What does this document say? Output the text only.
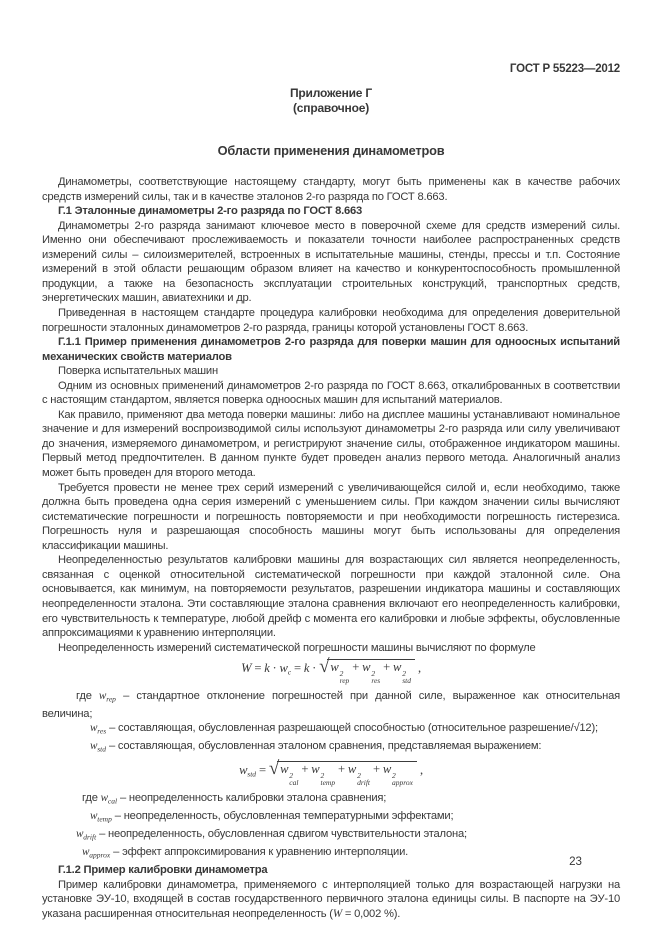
ГОСТ Р 55223—2012
Приложение Г
(справочное)
Области применения динамометров
Динамометры, соответствующие настоящему стандарту, могут быть применены как в качестве рабочих средств измерений силы, так и в качестве эталонов 2-го разряда по ГОСТ 8.663.
Г.1 Эталонные динамометры 2-го разряда по ГОСТ 8.663
Динамометры 2-го разряда занимают ключевое место в поверочной схеме для средств измерений силы. Именно они обеспечивают прослеживаемость и показатели точности наиболее распространенных средств измерений силы – силоизмерителей, встроенных в испытательные машины, стенды, прессы и т.п. Состояние измерений в этой области решающим образом влияет на качество и конкурентоспособность промышленной продукции, а также на безопасность эксплуатации строительных конструкций, транспортных средств, энергетических машин, авиатехники и др.
Приведенная в настоящем стандарте процедура калибровки необходима для определения доверительной погрешности эталонных динамометров 2-го разряда, границы которой установлены ГОСТ 8.663.
Г.1.1 Пример применения динамометров 2-го разряда для поверки машин для одноосных испытаний механических свойств материалов
Поверка испытательных машин
Одним из основных применений динамометров 2-го разряда по ГОСТ 8.663, откалиброванных в соответствии с настоящим стандартом, является поверка одноосных машин для испытаний материалов.
Как правило, применяют два метода поверки машины: либо на дисплее машины устанавливают номинальное значение и для измерений воспроизводимой силы используют динамометры 2-го разряда или силу увеличивают до значения, измеряемого динамометром, и регистрируют значение силы, отображенное индикатором машины. Первый метод предпочтителен. В данном пункте будет проведен анализ первого метода. Аналогичный анализ может быть проведен для второго метода.
Требуется провести не менее трех серий измерений с увеличивающейся силой и, если необходимо, также должна быть проведена одна серия измерений с уменьшением силы. При каждом значении силы вычисляют систематические погрешности и погрешность повторяемости и при необходимости погрешность гистерезиса. Погрешность нуля и разрешающая способность машины могут быть использованы для определения классификации машины.
Неопределенностью результатов калибровки машины для возрастающих сил является неопределенность, связанная с оценкой относительной систематической погрешности при каждой эталонной силе. Она основывается, как минимум, на повторяемости результатов, разрешении индикатора машины и составляющих неопределенности эталона. Эти составляющие эталона сравнения включают его неопределенность калибровки, его чувствительность к температуре, любой дрейф с момента его калибровки и любые эффекты, обусловленные аппроксимациями к уравнению интерполяции.
Неопределенность измерений систематической погрешности машины вычисляют по формуле
W = k · wc = k · √ w 2
rep
+ w 2
res
+ w 2
std
,
где $w_{rep}$ – стандартное отклонение погрешностей при данной силе, выраженное как относительная величина;
$w_{res}$ – составляющая, обусловленная разрешающей способностью (относительное разрешение/√12);
$w_{std}$ – составляющая, обусловленная эталоном сравнения, представляемая выражением:
wstd = √ w 2
cal
+ w 2
temp
+ w 2
drift
+ w 2
approx
,
где $w_{cal}$ – неопределенность калибровки эталона сравнения;
$w_{temp}$ – неопределенность, обусловленная температурными эффектами;
$w_{drift}$ – неопределенность, обусловленная сдвигом чувствительности эталона;
$w_{approx}$ – эффект аппроксимирования к уравнению интерполяции.
Г.1.2 Пример калибровки динамометра
Пример калибровки динамометра, применяемого с интерполяцией только для возрастающей нагрузки на установке ЭУ-10, входящей в состав государственного первичного эталона единицы силы. В паспорте на ЭУ-10 указана расширенная относительная неопределенность (W = 0,002 %).
23
